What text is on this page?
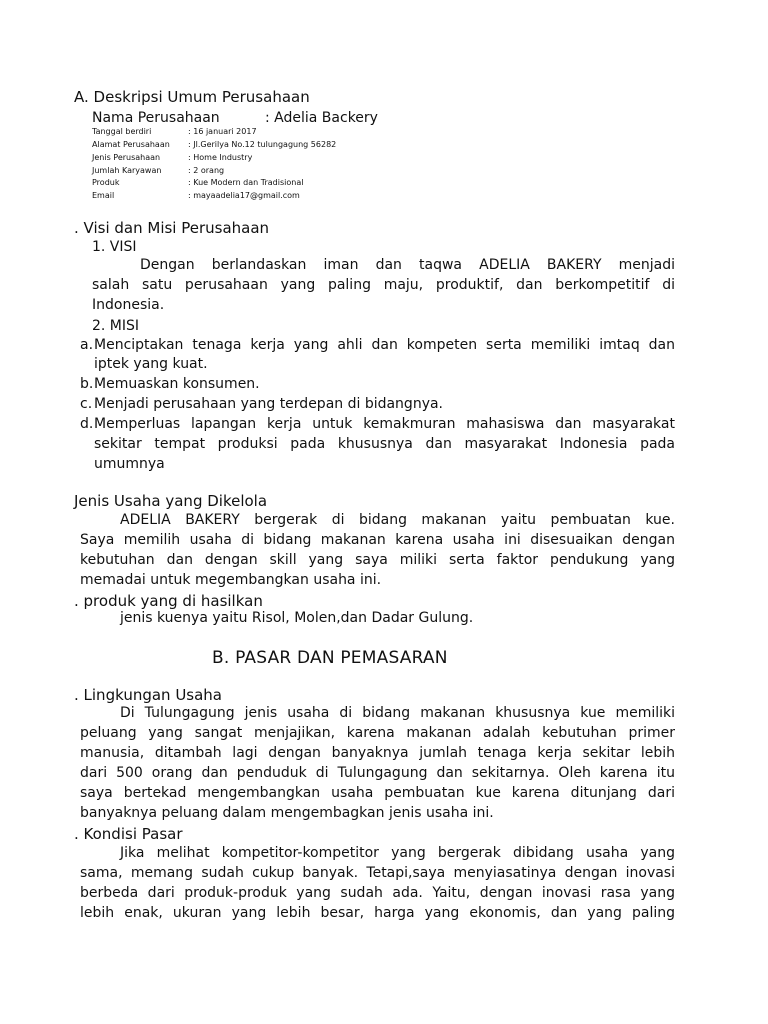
A. Deskripsi Umum Perusahaan
Nama Perusahaan	: Adelia Backery
Tanggal berdiri	: 16 januari 2017
Alamat Perusahaan : Jl.Gerilya No.12 tulungagung 56282
Jenis Perusahaan	: Home Industry
Jumlah Karyawan	: 2 orang
Produk	: Kue Modern dan Tradisional
Email	: mayaadelia17@gmail.com
. Visi dan Misi Perusahaan
1. VISI
Dengan berlandaskan iman dan taqwa ADELIA BAKERY menjadi
salah satu perusahaan yang paling maju, produktif, dan berkompetitif di
Indonesia.
2. MISI
a. Menciptakan tenaga kerja yang ahli dan kompeten serta memiliki imtaq dan
iptek yang kuat.
b. Memuaskan konsumen.
c. Menjadi perusahaan yang terdepan di bidangnya.
d. Memperluas lapangan kerja untuk kemakmuran mahasiswa dan masyarakat
sekitar tempat produksi pada khususnya dan masyarakat Indonesia pada
umumnya
Jenis Usaha yang Dikelola
ADELIA BAKERY bergerak di bidang makanan yaitu pembuatan kue.
Saya memilih usaha di bidang makanan karena usaha ini disesuaikan dengan
kebutuhan dan dengan skill yang saya miliki serta faktor pendukung yang
memadai untuk megembangkan usaha ini.
. produk yang di hasilkan
jenis kuenya yaitu Risol, Molen,dan Dadar Gulung.
B. PASAR DAN PEMASARAN
. Lingkungan Usaha
Di Tulungagung jenis usaha di bidang makanan khususnya kue memiliki
peluang yang sangat menjajikan, karena makanan adalah kebutuhan primer
manusia, ditambah lagi dengan banyaknya jumlah tenaga kerja sekitar lebih
dari 500 orang dan penduduk di Tulungagung dan sekitarnya. Oleh karena itu
saya bertekad mengembangkan usaha pembuatan kue karena ditunjang dari
banyaknya peluang dalam mengembagkan jenis usaha ini.
. Kondisi Pasar
Jika melihat kompetitor-kompetitor yang bergerak dibidang usaha yang
sama, memang sudah cukup banyak. Tetapi,saya menyiasatinya dengan inovasi
berbeda dari produk-produk yang sudah ada. Yaitu, dengan inovasi rasa yang
lebih enak, ukuran yang lebih besar, harga yang ekonomis, dan yang paling
